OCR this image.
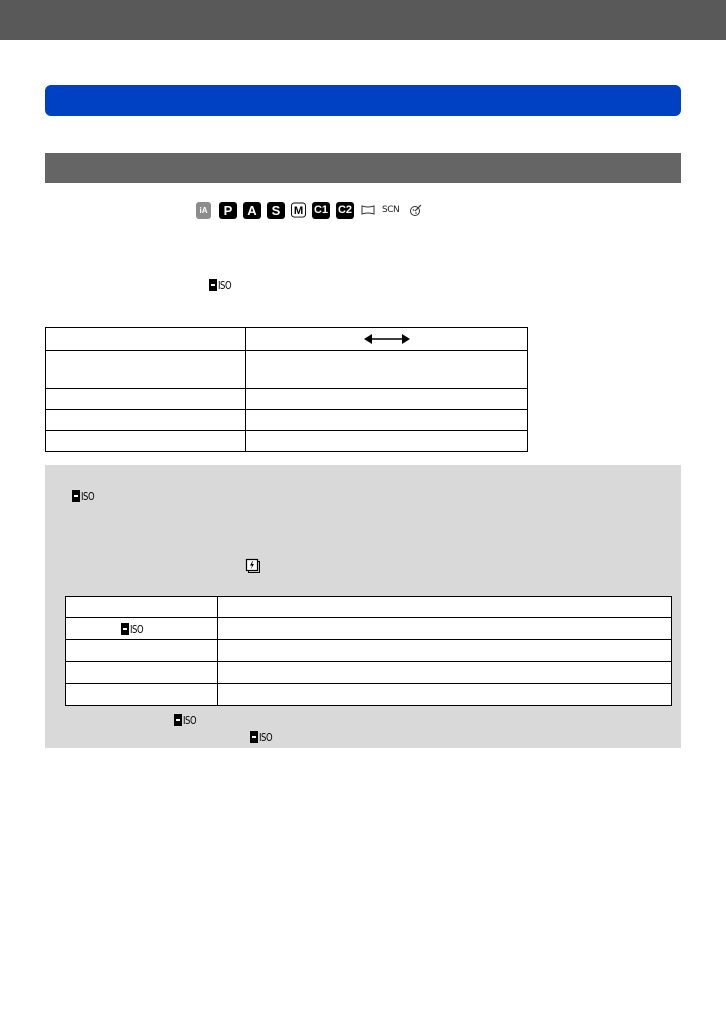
iA	P	A	S	M C1 C2	SCN
ISO

ISO

ISO	

ISO
ISO
